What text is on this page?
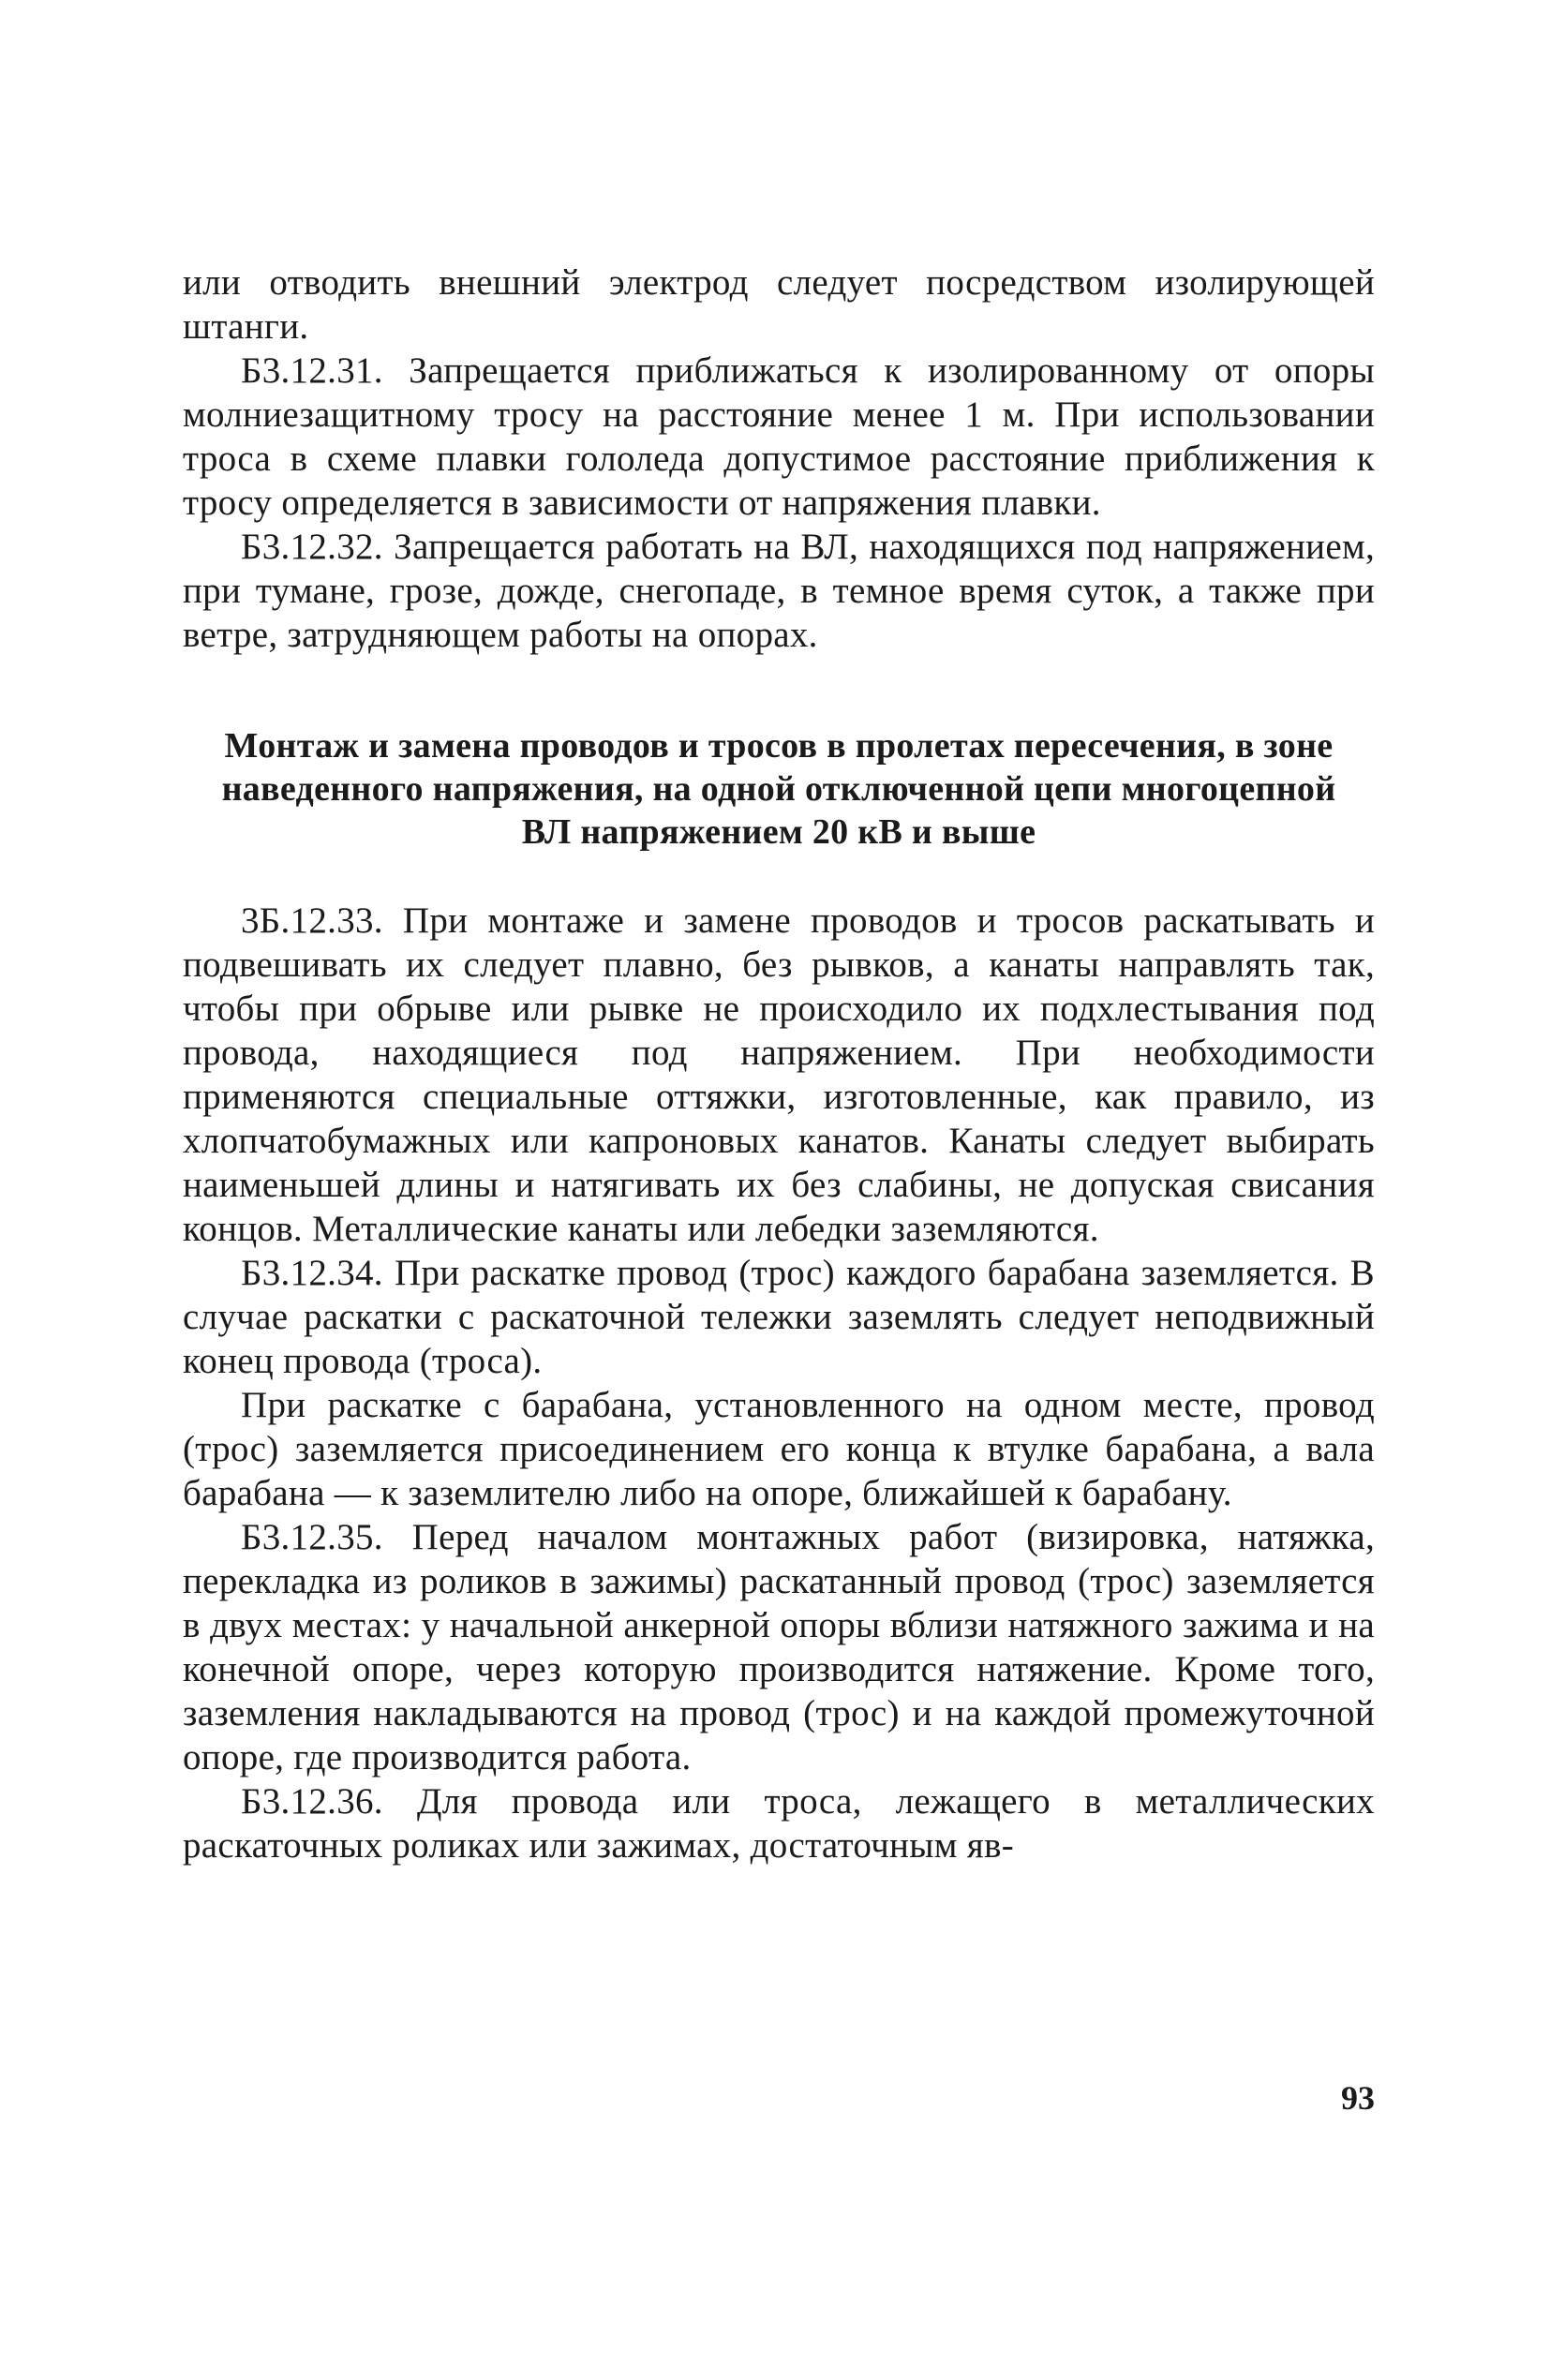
или отводить внешний электрод следует посредством изолирующей штанги.

Б3.12.31. Запрещается приближаться к изолированному от опоры молниезащитному тросу на расстояние менее 1 м. При использовании троса в схеме плавки гололеда допустимое расстояние приближения к тросу определяется в зависимости от напряжения плавки.

Б3.12.32. Запрещается работать на ВЛ, находящихся под напряжением, при тумане, грозе, дожде, снегопаде, в темное время суток, а также при ветре, затрудняющем работы на опорах.

Монтаж и замена проводов и тросов в пролетах пересечения, в зоне наведенного напряжения, на одной отключенной цепи многоцепной ВЛ напряжением 20 кВ и выше

3Б.12.33. При монтаже и замене проводов и тросов раскатывать и подвешивать их следует плавно, без рывков, а канаты направлять так, чтобы при обрыве или рывке не происходило их подхлестывания под провода, находящиеся под напряжением. При необходимости применяются специальные оттяжки, изготовленные, как правило, из хлопчатобумажных или капроновых канатов. Канаты следует выбирать наименьшей длины и натягивать их без слабины, не допуская свисания концов. Металлические канаты или лебедки заземляются.

Б3.12.34. При раскатке провод (трос) каждого барабана заземляется. В случае раскатки с раскаточной тележки заземлять следует неподвижный конец провода (троса).

При раскатке с барабана, установленного на одном месте, провод (трос) заземляется присоединением его конца к втулке барабана, а вала барабана — к заземлителю либо на опоре, ближайшей к барабану.

Б3.12.35. Перед началом монтажных работ (визировка, натяжка, перекладка из роликов в зажимы) раскатанный провод (трос) заземляется в двух местах: у начальной анкерной опоры вблизи натяжного зажима и на конечной опоре, через которую производится натяжение. Кроме того, заземления накладываются на провод (трос) и на каждой промежуточной опоре, где производится работа.

Б3.12.36. Для провода или троса, лежащего в металлических раскаточных роликах или зажимах, достаточным яв-

93
